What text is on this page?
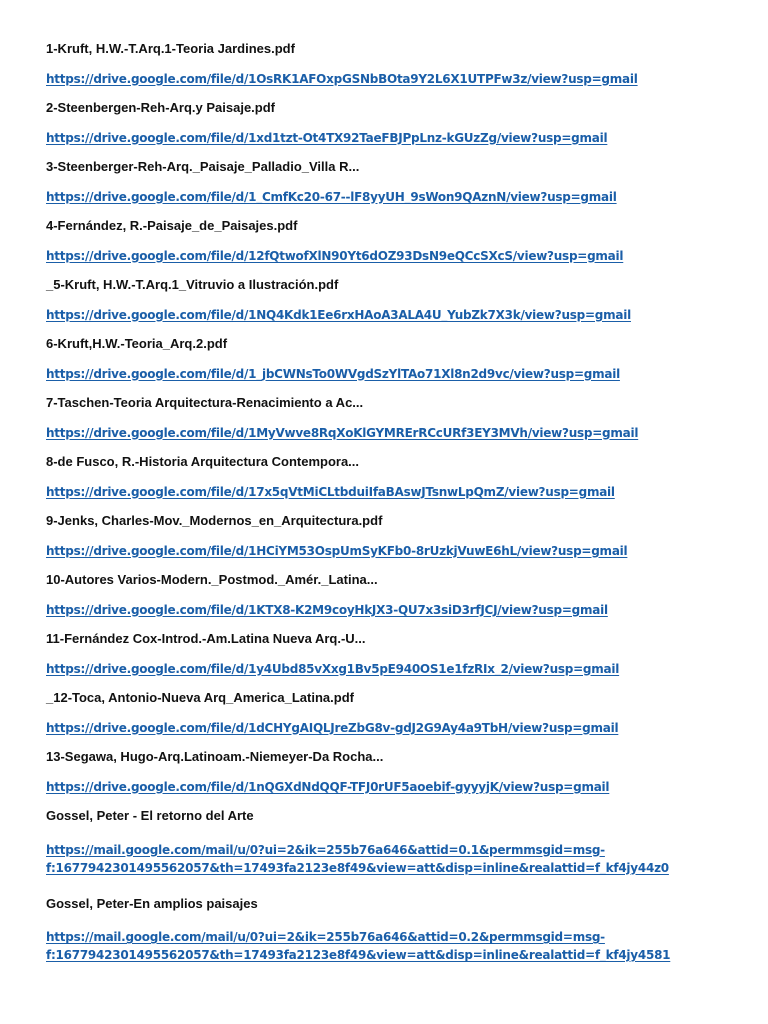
1-Kruft, H.W.-T.Arq.1-Teoria Jardines.pdf
https://drive.google.com/file/d/1OsRK1AFOxpGSNbBOta9Y2L6X1UTPFw3z/view?usp=gmail
2-Steenbergen-Reh-Arq.y Paisaje.pdf
https://drive.google.com/file/d/1xd1tzt-Ot4TX92TaeFBJPpLnz-kGUzZg/view?usp=gmail
3-Steenberger-Reh-Arq._Paisaje_Palladio_Villa R...
https://drive.google.com/file/d/1_CmfKc20-67--lF8yyUH_9sWon9QAznN/view?usp=gmail
4-Fernández, R.-Paisaje_de_Paisajes.pdf
https://drive.google.com/file/d/12fQtwofXlN90Yt6dOZ93DsN9eQCcSXcS/view?usp=gmail
_5-Kruft, H.W.-T.Arq.1_Vitruvio a Ilustración.pdf
https://drive.google.com/file/d/1NQ4Kdk1Ee6rxHAoA3ALA4U_YubZk7X3k/view?usp=gmail
6-Kruft,H.W.-Teoria_Arq.2.pdf
https://drive.google.com/file/d/1_jbCWNsTo0WVgdSzYlTAo71Xl8n2d9vc/view?usp=gmail
7-Taschen-Teoria Arquitectura-Renacimiento a Ac...
https://drive.google.com/file/d/1MyVwve8RqXoKlGYMRErRCcURf3EY3MVh/view?usp=gmail
8-de Fusco, R.-Historia Arquitectura Contempora...
https://drive.google.com/file/d/17x5qVtMiCLtbduiIfaBAswJTsnwLpQmZ/view?usp=gmail
9-Jenks, Charles-Mov._Modernos_en_Arquitectura.pdf
https://drive.google.com/file/d/1HCiYM53OspUmSyKFb0-8rUzkjVuwE6hL/view?usp=gmail
10-Autores Varios-Modern._Postmod._Amér._Latina...
https://drive.google.com/file/d/1KTX8-K2M9coyHkJX3-QU7x3siD3rfJCJ/view?usp=gmail
11-Fernández Cox-Introd.-Am.Latina Nueva Arq.-U...
https://drive.google.com/file/d/1y4Ubd85vXxg1Bv5pE940OS1e1fzRIx_2/view?usp=gmail
_12-Toca, Antonio-Nueva Arq_America_Latina.pdf
https://drive.google.com/file/d/1dCHYgAIQLJreZbG8v-gdJ2G9Ay4a9TbH/view?usp=gmail
13-Segawa, Hugo-Arq.Latinoam.-Niemeyer-Da Rocha...
https://drive.google.com/file/d/1nQGXdNdQQF-TFJ0rUF5aoebif-gyyyjK/view?usp=gmail
Gossel, Peter - El retorno del Arte
https://mail.google.com/mail/u/0?ui=2&ik=255b76a646&attid=0.1&permmsgid=msg-
f:1677942301495562057&th=17493fa2123e8f49&view=att&disp=inline&realattid=f_kf4jy44z0
Gossel, Peter-En amplios paisajes
https://mail.google.com/mail/u/0?ui=2&ik=255b76a646&attid=0.2&permmsgid=msg-
f:1677942301495562057&th=17493fa2123e8f49&view=att&disp=inline&realattid=f_kf4jy4581
